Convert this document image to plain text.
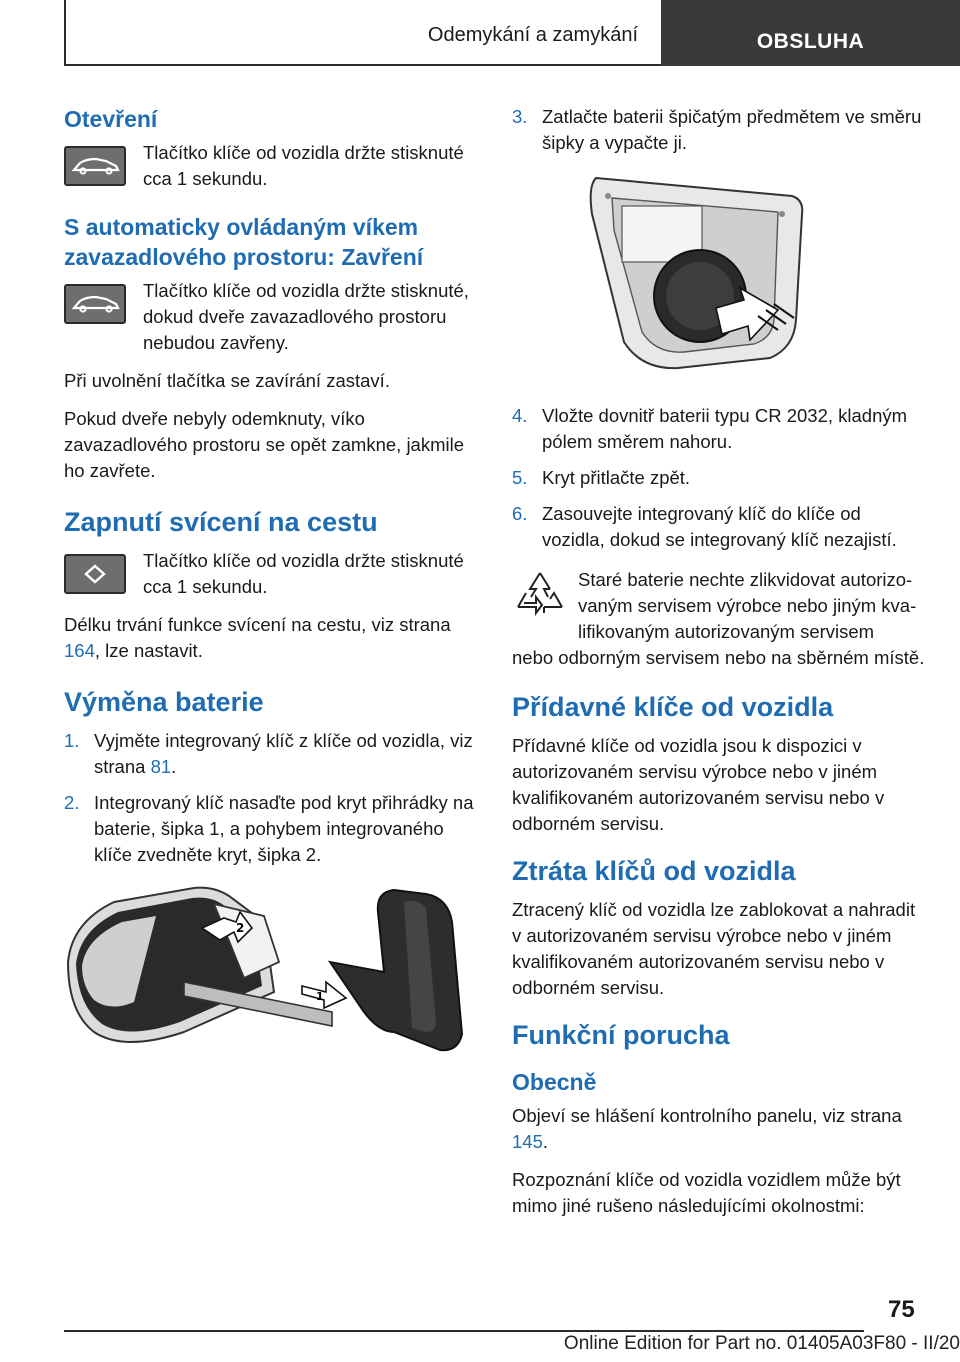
Odemykání a zamykání	OBSLUHA
Otevření
Tlačítko klíče od vozidla držte stisknuté cca 1 sekundu.
S automaticky ovládaným víkem zavazadlového prostoru: Zavření
Tlačítko klíče od vozidla držte stisknuté, dokud dveře zavazadlového prostoru nebudou zavřeny.
Při uvolnění tlačítka se zavírání zastaví.
Pokud dveře nebyly odemknuty, víko zavazadlového prostoru se opět zamkne, jakmile ho zavřete.
Zapnutí svícení na cestu
Tlačítko klíče od vozidla držte stisknuté cca 1 sekundu.
Délku trvání funkce svícení na cestu, viz strana 164, lze nastavit.
Výměna baterie
1. Vyjměte integrovaný klíč z klíče od vozidla, viz strana 81.
2. Integrovaný klíč nasaďte pod kryt přihrádky na baterie, šipka 1, a pohybem integrovaného klíče zvedněte kryt, šipka 2.
2
1
3. Zatlačte baterii špičatým předmětem ve směru šipky a vypačte ji.
4. Vložte dovnitř baterii typu CR 2032, kladným pólem směrem nahoru.
5. Kryt přitlačte zpět.
6. Zasouvejte integrovaný klíč do klíče od vozidla, dokud se integrovaný klíč nezajistí.
Staré baterie nechte zlikvidovat autorizo-
vaným servisem výrobce nebo jiným kva-
lifikovaným autorizovaným servisem
nebo odborným servisem nebo na sběrném místě.
Přídavné klíče od vozidla
Přídavné klíče od vozidla jsou k dispozici v autorizovaném servisu výrobce nebo v jiném kvalifikovaném autorizovaném servisu nebo v odborném servisu.
Ztráta klíčů od vozidla
Ztracený klíč od vozidla lze zablokovat a nahradit v autorizovaném servisu výrobce nebo v jiném kvalifikovaném autorizovaném servisu nebo v odborném servisu.
Funkční porucha
Obecně
Objeví se hlášení kontrolního panelu, viz strana 145.
Rozpoznání klíče od vozidla vozidlem může být mimo jiné rušeno následujícími okolnostmi:
75
Online Edition for Part no. 01405A03F80 - II/20
